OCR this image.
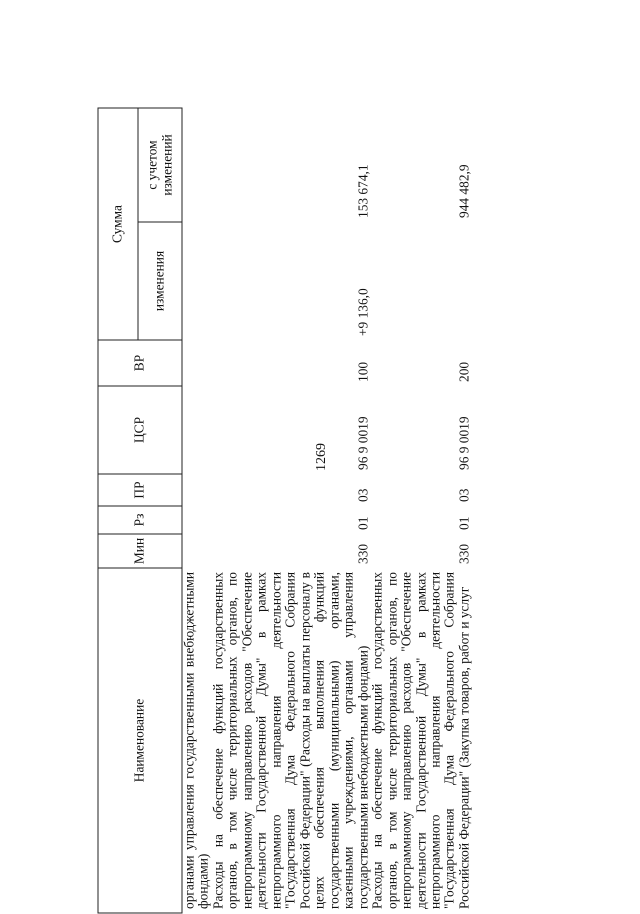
1269
Наименование	Мин	Рз	ПР	ЦСР	ВР	Сумма	
						изменения	с учетом изменений
органами управления государственными внебюджетными фондами)							
Расходы на обеспечение функций государственных органов, в том числе территориальных органов, по непрограммному направлению расходов "Обеспечение деятельности Государственной Думы" в рамках непрограммного направления деятельности "Государственная Дума Федерального Собрания Российской Федерации" (Расходы на выплаты персоналу в целях обеспечения выполнения функций государственными (муниципальными) органами, казенными учреждениями, органами управления государственными внебюджетными фондами)	330	01	03	96 9 0019	100	+9 136,0	153 674,1
Расходы на обеспечение функций государственных органов, в том числе территориальных органов, по непрограммному направлению расходов "Обеспечение деятельности Государственной Думы" в рамках непрограммного направления деятельности "Государственная Дума Федерального Собрания Российской Федерации" (Закупка товаров, работ и услуг	330	01	03	96 9 0019	200		944 482,9
